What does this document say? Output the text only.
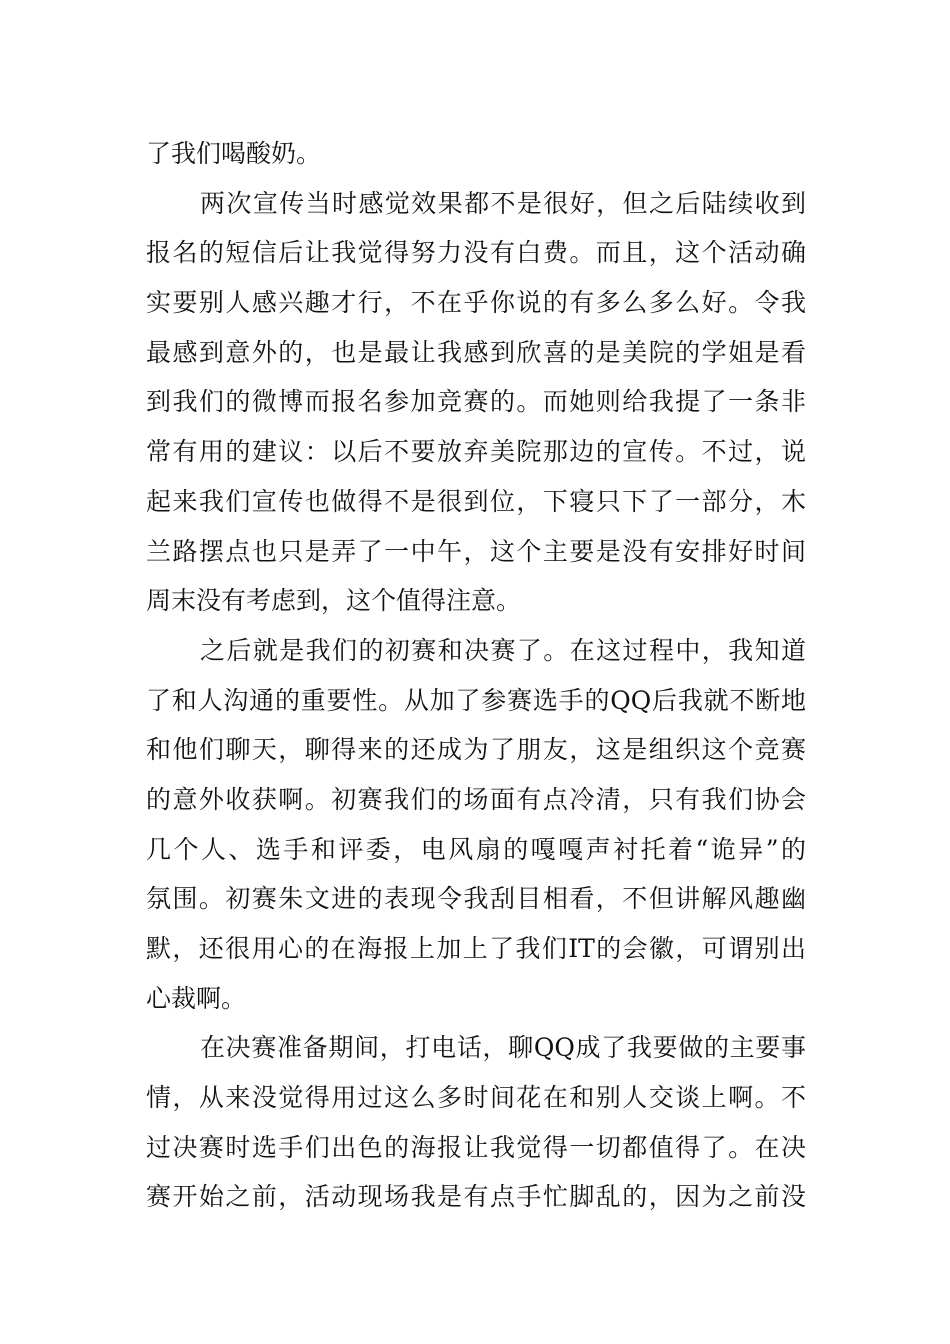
了我们喝酸奶。
两次宣传当时感觉效果都不是很好，但之后陆续收到
报名的短信后让我觉得努力没有白费。而且，这个活动确
实要别人感兴趣才行，不在乎你说的有多么多么好。令我
最感到意外的，也是最让我感到欣喜的是美院的学姐是看
到我们的微博而报名参加竞赛的。而她则给我提了一条非
常有用的建议：以后不要放弃美院那边的宣传。不过，说
起来我们宣传也做得不是很到位，下寝只下了一部分，木
兰路摆点也只是弄了一中午，这个主要是没有安排好时间
周末没有考虑到，这个值得注意。
之后就是我们的初赛和决赛了。在这过程中，我知道
了和人沟通的重要性。从加了参赛选手的QQ后我就不断地
和他们聊天，聊得来的还成为了朋友，这是组织这个竞赛
的意外收获啊。初赛我们的场面有点冷清，只有我们协会
几个人、选手和评委，电风扇的嘎嘎声衬托着“诡异”的
氛围。初赛朱文进的表现令我刮目相看，不但讲解风趣幽
默，还很用心的在海报上加上了我们IT的会徽，可谓别出
心裁啊。
在决赛准备期间，打电话，聊QQ成了我要做的主要事
情，从来没觉得用过这么多时间花在和别人交谈上啊。不
过决赛时选手们出色的海报让我觉得一切都值得了。在决
赛开始之前，活动现场我是有点手忙脚乱的，因为之前没
